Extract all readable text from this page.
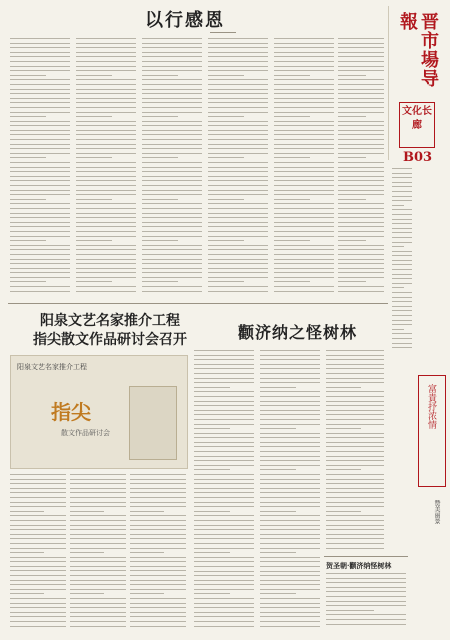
以行感恩
阳泉文艺名家推介工程
指尖散文作品研讨会召开
阳泉文艺名家推介工程
指尖
散文作品研讨会
颧济纳之怪树林
贺圣朝·颧济纳怪树林
晋市場导報
文化长廊
B03
富貴抒浓情
赞美丽景
